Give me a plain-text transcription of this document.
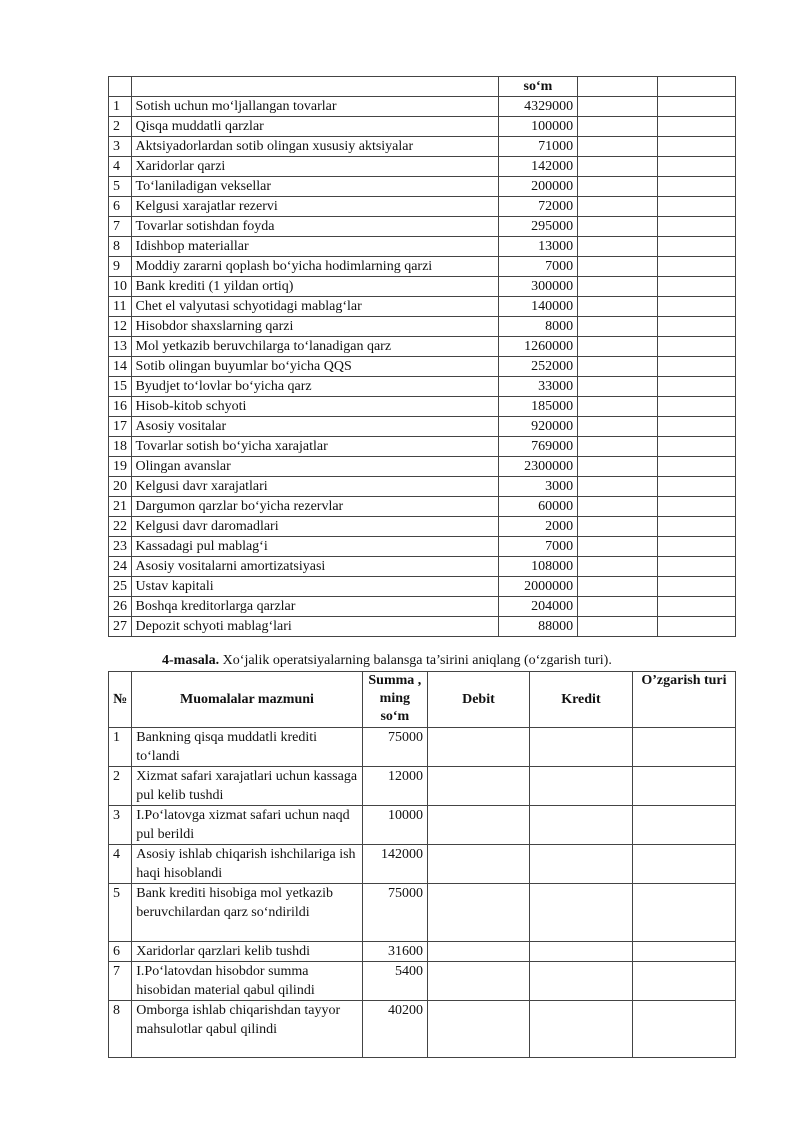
		so‘m		
1	Sotish uchun mo‘ljallangan tovarlar	4329000		
2	Qisqa muddatli qarzlar	100000		
3	Aktsiyadorlardan sotib olingan xususiy aktsiyalar	71000		
4	Xaridorlar qarzi	142000		
5	To‘laniladigan veksellar	200000		
6	Kelgusi xarajatlar rezervi	72000		
7	Tovarlar sotishdan foyda	295000		
8	Idishbop materiallar	13000		
9	Moddiy zararni qoplash bo‘yicha hodimlarning qarzi	7000		
10	Bank krediti (1 yildan ortiq)	300000		
11	Chet el valyutasi schyotidagi mablag‘lar	140000		
12	Hisobdor shaxslarning qarzi	8000		
13	Mol yetkazib beruvchilarga to‘lanadigan qarz	1260000		
14	Sotib olingan buyumlar bo‘yicha QQS	252000		
15	Byudjet to‘lovlar bo‘yicha qarz	33000		
16	Hisob-kitob schyoti	185000		
17	Asosiy vositalar	920000		
18	Tovarlar sotish bo‘yicha xarajatlar	769000		
19	Olingan avanslar	2300000		
20	Kelgusi davr xarajatlari	3000		
21	Dargumon qarzlar bo‘yicha rezervlar	60000		
22	Kelgusi davr daromadlari	2000		
23	Kassadagi pul mablag‘i	7000		
24	Asosiy vositalarni amortizatsiyasi	108000		
25	Ustav kapitali	2000000		
26	Boshqa kreditorlarga qarzlar	204000		
27	Depozit schyoti mablag‘lari	88000		
4-masala. Xo‘jalik operatsiyalarning balansga ta’sirini aniqlang (o‘zgarish turi).
№	Muomalalar mazmuni	Summa , ming so‘m	Debit	Kredit	O’zgarish turi
1	Bankning qisqa muddatli krediti to‘landi	75000			
2	Xizmat safari xarajatlari uchun kassaga pul kelib tushdi	12000			
3	I.Po‘latovga xizmat safari uchun naqd pul berildi	10000			
4	Asosiy ishlab chiqarish ishchilariga ish haqi hisoblandi	142000			
5	Bank krediti hisobiga mol yetkazib beruvchilardan qarz so‘ndirildi	75000			
6	Xaridorlar qarzlari kelib tushdi	31600			
7	I.Po‘latovdan hisobdor summa hisobidan material qabul qilindi	5400			
8	Omborga ishlab chiqarishdan tayyor mahsulotlar qabul qilindi	40200			
